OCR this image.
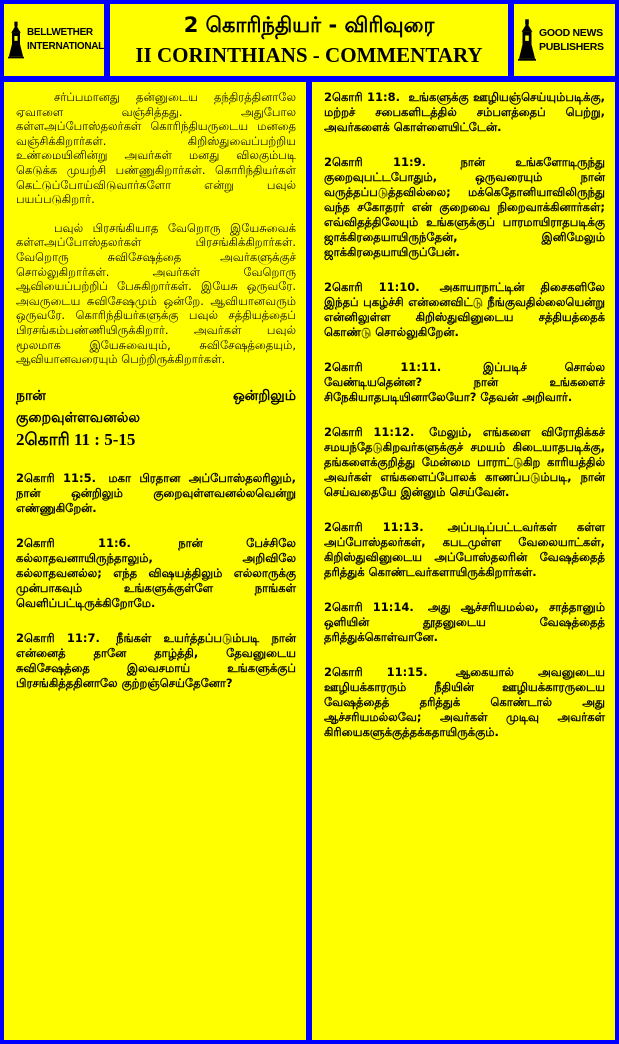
BELLWETHER
INTERNATIONAL
2 கொரிந்தியர் - விரிவுரை
II CORINTHIANS - COMMENTARY
GOOD NEWS
PUBLISHERS

சர்ப்பமானது தன்னுடைய தந்திரத்தினாலே ஏவாளை வஞ்சித்தது. அதுபோல கள்ளஅப்போஸ்தலர்கள் கொரிந்தியருடைய மனதை வஞ்சிக்கிறார்கள். கிறிஸ்துவைப்பற்றிய உண்மையினின்று அவர்கள் மனது விலகும்படி கெடுக்க முயற்சி பண்ணுகிறார்கள். கொரிந்தியர்கள் கெட்டுப்போய்விடுவார்களோ என்று பவுல் பயப்படுகிறார்.

பவுல் பிரசங்கியாத வேறொரு இயேசுவைக் கள்ளஅப்போஸ்தலர்கள் பிரசங்கிக்கிறார்கள். வேறொரு சுவிசேஷத்தை அவர்களுக்குச் சொல்லுகிறார்கள். அவர்கள் வேறொரு ஆவியைப்பற்றிப் பேசுகிறார்கள். இயேசு ஒருவரே. அவருடைய சுவிசேஷமும் ஒன்றே. ஆவியானவரும் ஒருவரே. கொரிந்தியர்களுக்கு பவுல் சத்தியத்தைப் பிரசங்கம்பண்ணியிருக்கிறார். அவர்கள் பவுல் மூலமாக இயேசுவையும், சுவிசேஷத்தையும், ஆவியானவரையும் பெற்றிருக்கிறார்கள்.

நான்	ஒன்றிலும்
குறைவுள்ளவனல்ல
2கொரி 11 : 5-15

2கொரி 11:5. மகா பிரதான அப்போஸ்தலரிலும், நான் ஒன்றிலும் குறைவுள்ளவனல்லவென்று எண்ணுகிறேன்.

2கொரி 11:6.	நான் பேச்சிலே கல்லாதவனாயிருந்தாலும், அறிவிலே கல்லாதவனல்ல; எந்த விஷயத்திலும் எல்லாருக்கு முன்பாகவும் உங்களுக்குள்ளே நாங்கள் வெளிப்பட்டிருக்கிறோமே.

2கொரி 11:7. நீங்கள் உயர்த்தப்படும்படி நான் என்னைத் தானே தாழ்த்தி, தேவனுடைய சுவிசேஷத்தை இலவசமாய் உங்களுக்குப் பிரசங்கித்ததினாலே குற்றஞ்செய்தேனோ?

2கொரி 11:8. உங்களுக்கு ஊழியஞ்செய்யும்படிக்கு, மற்றச் சபைகளிடத்தில் சம்பளத்தைப் பெற்று, அவர்களைக் கொள்ளையிட்டேன்.

2கொரி 11:9.	நான் உங்களோடிருந்து குறைவுபட்டபோதும், ஒருவரையும் நான் வருத்தப்படுத்தவில்லை; மக்கெதோனியாவிலிருந்து வந்த சகோதரர் என் குறைவை நிறைவாக்கினார்கள்; எவ்விதத்திலேயும் உங்களுக்குப் பாரமாயிராதபடிக்கு ஜாக்கிரதையாயிருந்தேன், இனிமேலும் ஜாக்கிரதையாயிருப்பேன்.

2கொரி 11:10. அகாயாநாட்டின் திசைகளிலே இந்தப் புகழ்ச்சி என்னைவிட்டு நீங்குவதில்லையென்று என்னிலுள்ள கிறிஸ்துவினுடைய சத்தியத்தைக் கொண்டு சொல்லுகிறேன்.

2கொரி 11:11.	இப்படிச் சொல்ல வேண்டியதென்ன? நான் உங்களைச் சிநேகியாதபடியினாலேயோ? தேவன் அறிவார்.

2கொரி 11:12. மேலும், எங்களை விரோதிக்கச் சமயந்தேடுகிறவர்களுக்குச் சமயம் கிடையாதபடிக்கு, தங்களைக்குறித்து மேன்மை பாராட்டுகிற காரியத்தில் அவர்கள் எங்களைப்போலக் காணப்படும்படி, நான் செய்வதையே இன்னும் செய்வேன்.

2கொரி 11:13. அப்படிப்பட்டவர்கள் கள்ள அப்போஸ்தலர்கள், கபடமுள்ள வேலையாட்கள், கிறிஸ்துவினுடைய அப்போஸ்தலரின் வேஷத்தைத் தரித்துக் கொண்டவர்களாயிருக்கிறார்கள்.

2கொரி 11:14. அது ஆச்சரியமல்ல, சாத்தானும் ஒளியின் தூதனுடைய வேஷத்தைத் தரித்துக்கொள்வானே.

2கொரி 11:15. ஆகையால் அவனுடைய ஊழியக்காரரும் நீதியின் ஊழியக்காரருடைய வேஷத்தைத் தரித்துக் கொண்டால் அது ஆச்சரியமல்லவே; அவர்கள் முடிவு அவர்கள் கிரியைகளுக்குத்தக்கதாயிருக்கும்.
